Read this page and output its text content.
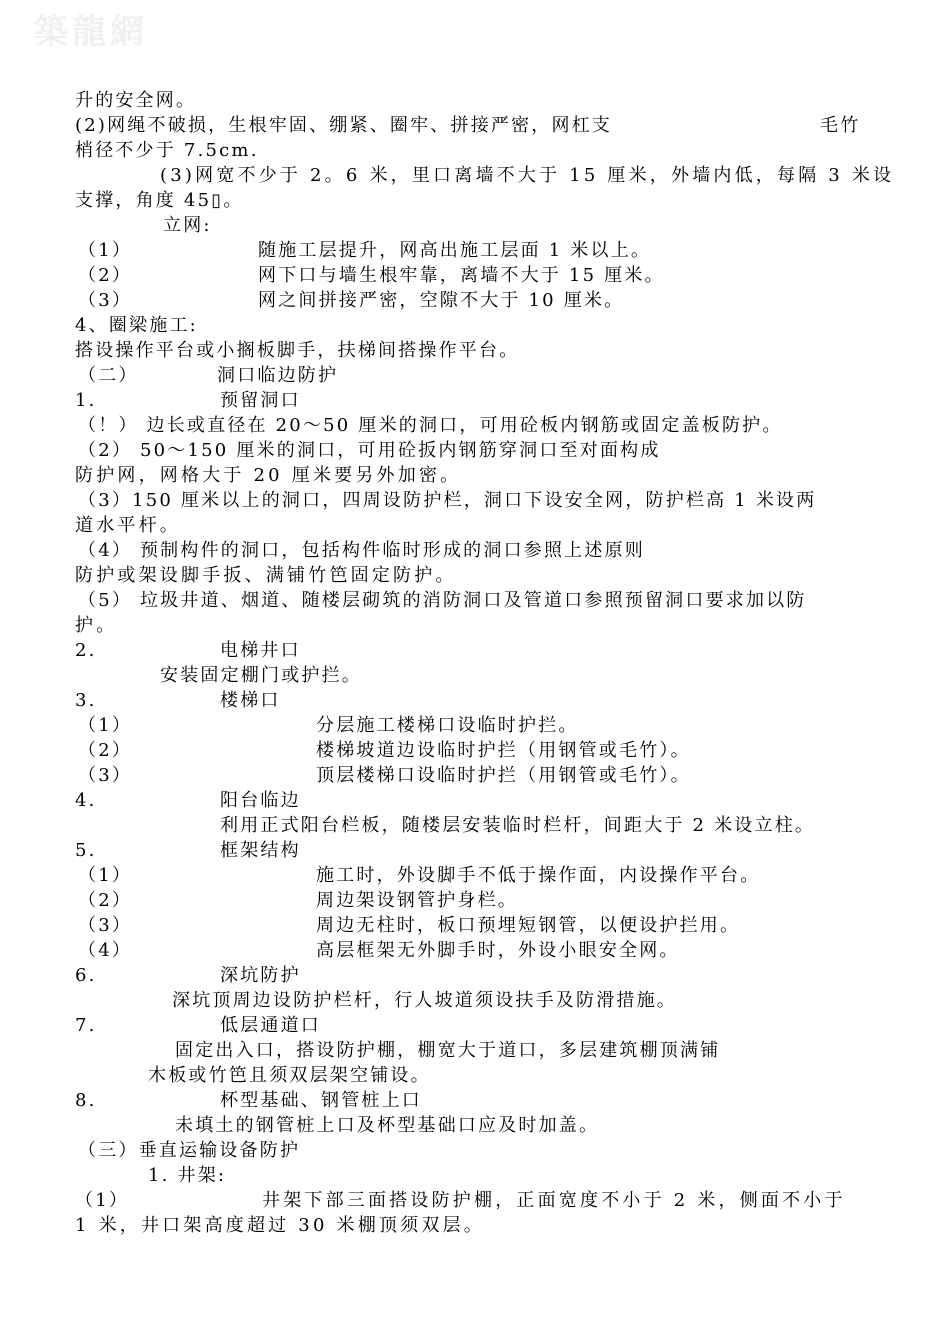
築龍網
升的安全网。
(2)网绳不破损，生根牢固、绷紧、圈牢、拼接严密，网杠支	毛竹
梢径不少于 7.5cm.
(3)网宽不少于 2。6 米，里口离墙不大于 15 厘米，外墙内低，每隔 3 米设
支撑，角度 45▯。
立网:
（1）	随施工层提升，网高出施工层面 1 米以上。
（2）	网下口与墙生根牢靠，离墙不大于 15 厘米。
（3）	网之间拼接严密，空隙不大于 10 厘米。
4、圈梁施工:
搭设操作平台或小搁板脚手，扶梯间搭操作平台。
（二）	洞口临边防护
1.	预留洞口
（！） 边长或直径在 20～50 厘米的洞口，可用砼板内钢筋或固定盖板防护。
（2） 50～150 厘米的洞口，可用砼扳内钢筋穿洞口至对面构成
防护网，网格大于 20 厘米要另外加密。
（3）150 厘米以上的洞口，四周设防护栏，洞口下设安全网，防护栏高 1 米设两
道水平杆。
（4） 预制构件的洞口，包括构件临时形成的洞口参照上述原则
防护或架设脚手扳、满铺竹笆固定防护。
（5） 垃圾井道、烟道、随楼层砌筑的消防洞口及管道口参照预留洞口要求加以防
护。
2.	电梯井口
安装固定棚门或护拦。
3.	楼梯口
（1）	分层施工楼梯口设临时护拦。
（2）	楼梯坡道边设临时护拦（用钢管或毛竹）。
（3）	顶层楼梯口设临时护拦（用钢管或毛竹）。
4.	阳台临边
利用正式阳台栏板，随楼层安装临时栏杆，间距大于 2 米设立柱。
5.	框架结构
（1）	施工时，外设脚手不低于操作面，内设操作平台。
（2）	周边架设钢管护身栏。
（3）	周边无柱时，板口预埋短钢管，以便设护拦用。
（4）	高层框架无外脚手时，外设小眼安全网。
6.	深坑防护
深坑顶周边设防护栏杆，行人坡道须设扶手及防滑措施。
7.	低层通道口
固定出入口，搭设防护棚，棚宽大于道口，多层建筑棚顶满铺
木板或竹笆且须双层架空铺设。
8.	杯型基础、钢管桩上口
未填土的钢管桩上口及杯型基础口应及时加盖。
（三）垂直运输设备防护
1. 井架:
（1）	井架下部三面搭设防护棚，正面宽度不小于 2 米，侧面不小于
1 米，井口架高度超过 30 米棚顶须双层。
